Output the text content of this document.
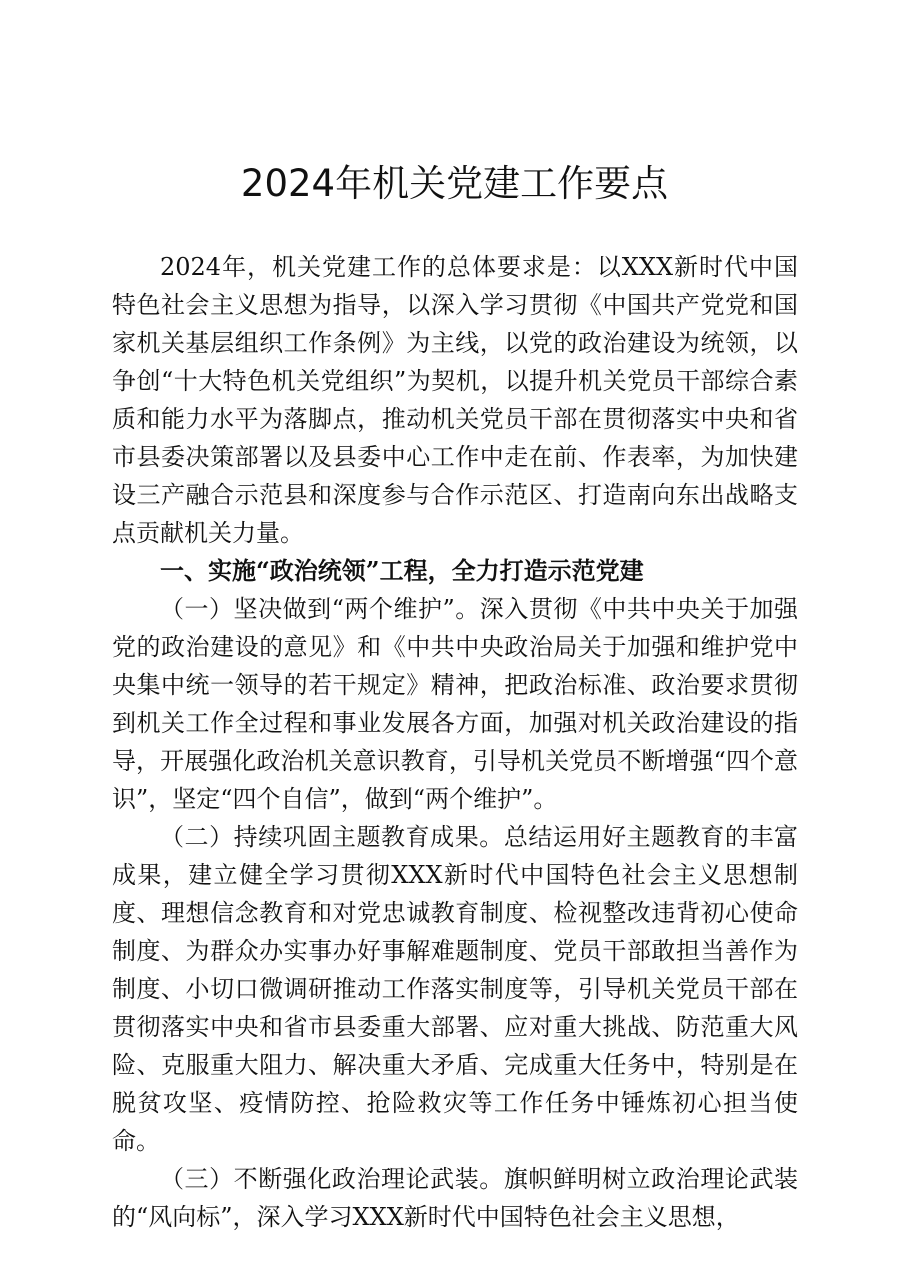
2024年机关党建工作要点

2024年，机关党建工作的总体要求是：以XXX新时代中国特色社会主义思想为指导，以深入学习贯彻《中国共产党党和国家机关基层组织工作条例》为主线，以党的政治建设为统领，以争创“十大特色机关党组织”为契机，以提升机关党员干部综合素质和能力水平为落脚点，推动机关党员干部在贯彻落实中央和省市县委决策部署以及县委中心工作中走在前、作表率，为加快建设三产融合示范县和深度参与合作示范区、打造南向东出战略支点贡献机关力量。

一、实施“政治统领”工程，全力打造示范党建

（一）坚决做到“两个维护”。深入贯彻《中共中央关于加强党的政治建设的意见》和《中共中央政治局关于加强和维护党中央集中统一领导的若干规定》精神，把政治标准、政治要求贯彻到机关工作全过程和事业发展各方面，加强对机关政治建设的指导，开展强化政治机关意识教育，引导机关党员不断增强“四个意识”，坚定“四个自信”，做到“两个维护”。

（二）持续巩固主题教育成果。总结运用好主题教育的丰富成果，建立健全学习贯彻XXX新时代中国特色社会主义思想制度、理想信念教育和对党忠诚教育制度、检视整改违背初心使命制度、为群众办实事办好事解难题制度、党员干部敢担当善作为制度、小切口微调研推动工作落实制度等，引导机关党员干部在贯彻落实中央和省市县委重大部署、应对重大挑战、防范重大风险、克服重大阻力、解决重大矛盾、完成重大任务中，特别是在脱贫攻坚、疫情防控、抢险救灾等工作任务中锤炼初心担当使命。

（三）不断强化政治理论武装。旗帜鲜明树立政治理论武装的“风向标”，深入学习XXX新时代中国特色社会主义思想，
